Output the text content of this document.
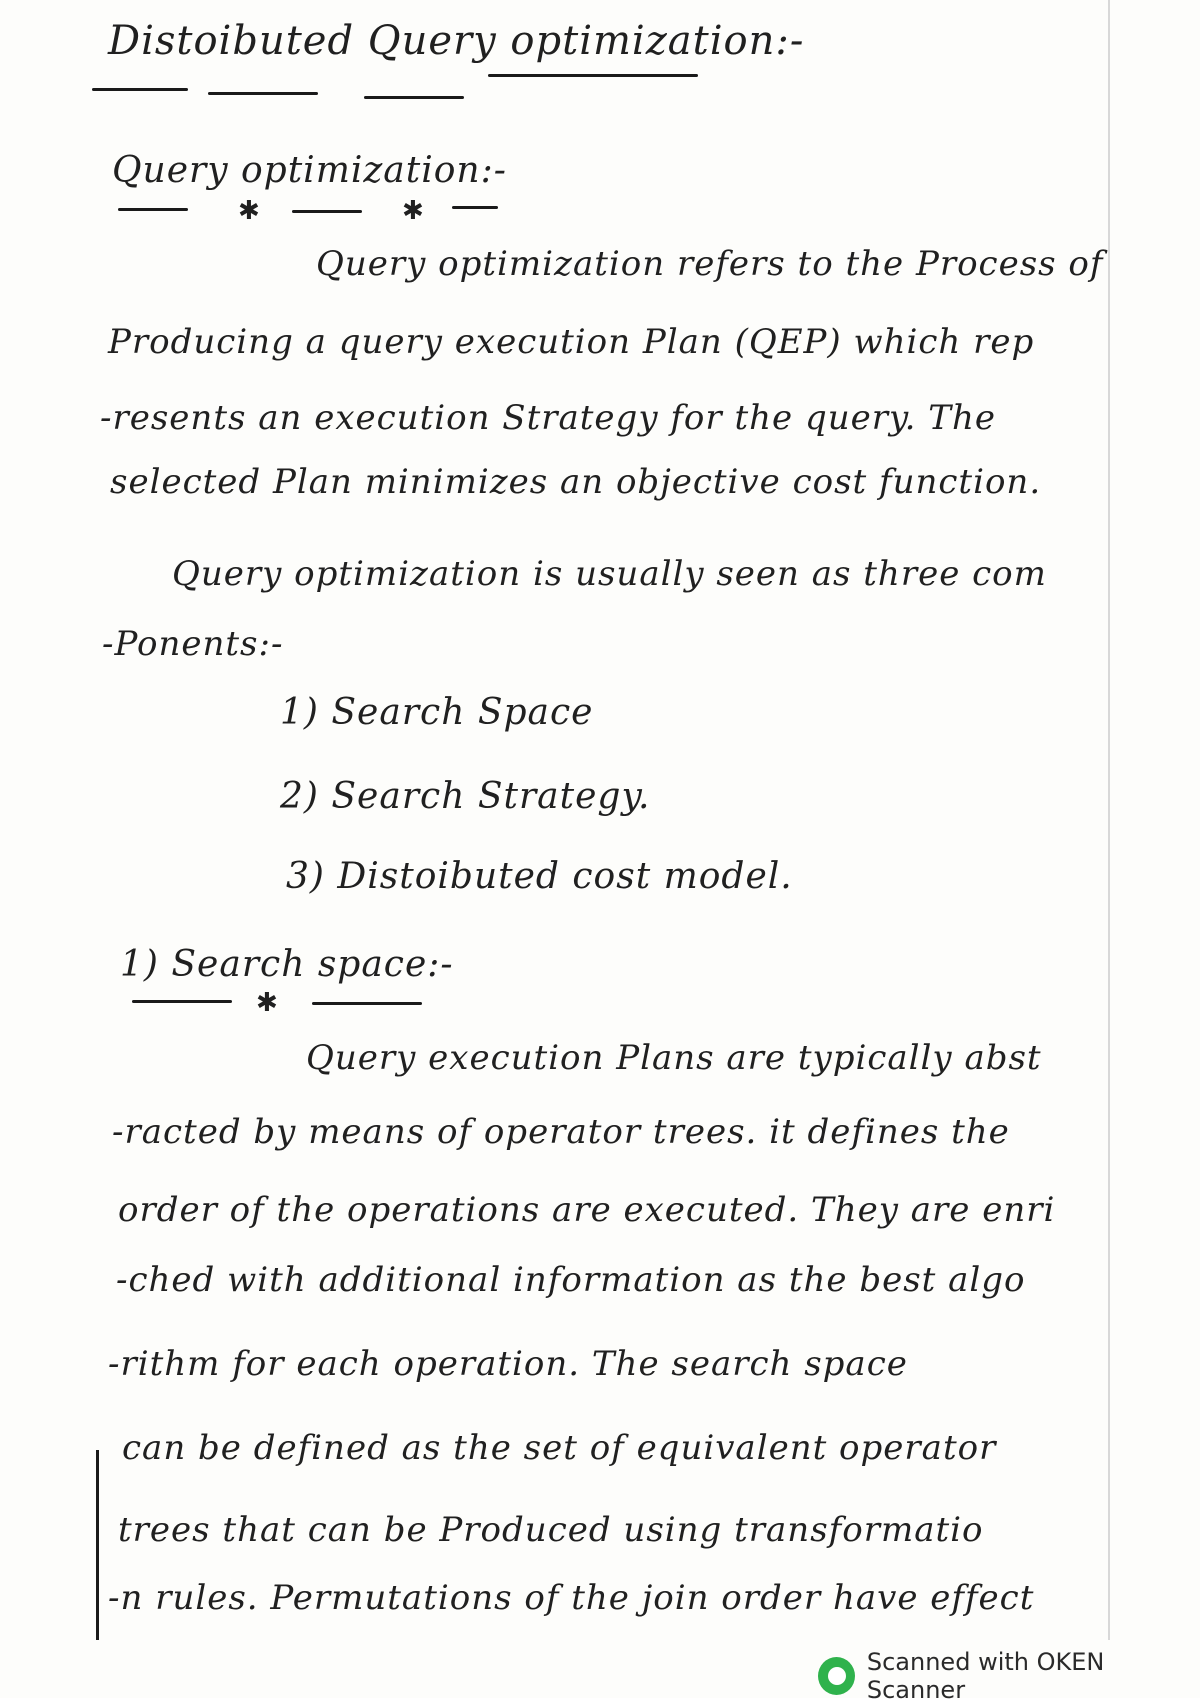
Distoibuted Query optimization:-

Query optimization:-

✱	✱

Query optimization refers to the Process of

Producing a query execution Plan (QEP) which rep

-resents an execution Strategy for the query. The

selected Plan minimizes an objective cost function.

Query optimization is usually seen as three com

-Ponents:-

1) Search Space

2) Search Strategy.

3) Distoibuted cost model.

1) Search space:-

✱

Query execution Plans are typically abst

-racted by means of operator trees. it defines the

order of the operations are executed. They are enri

-ched with additional information as the best algo

-rithm for each operation. The search space

can be defined as the set of equivalent operator

trees that can be Produced using transformatio

-n rules. Permutations of the join order have effect

Scanned with OKEN Scanner
